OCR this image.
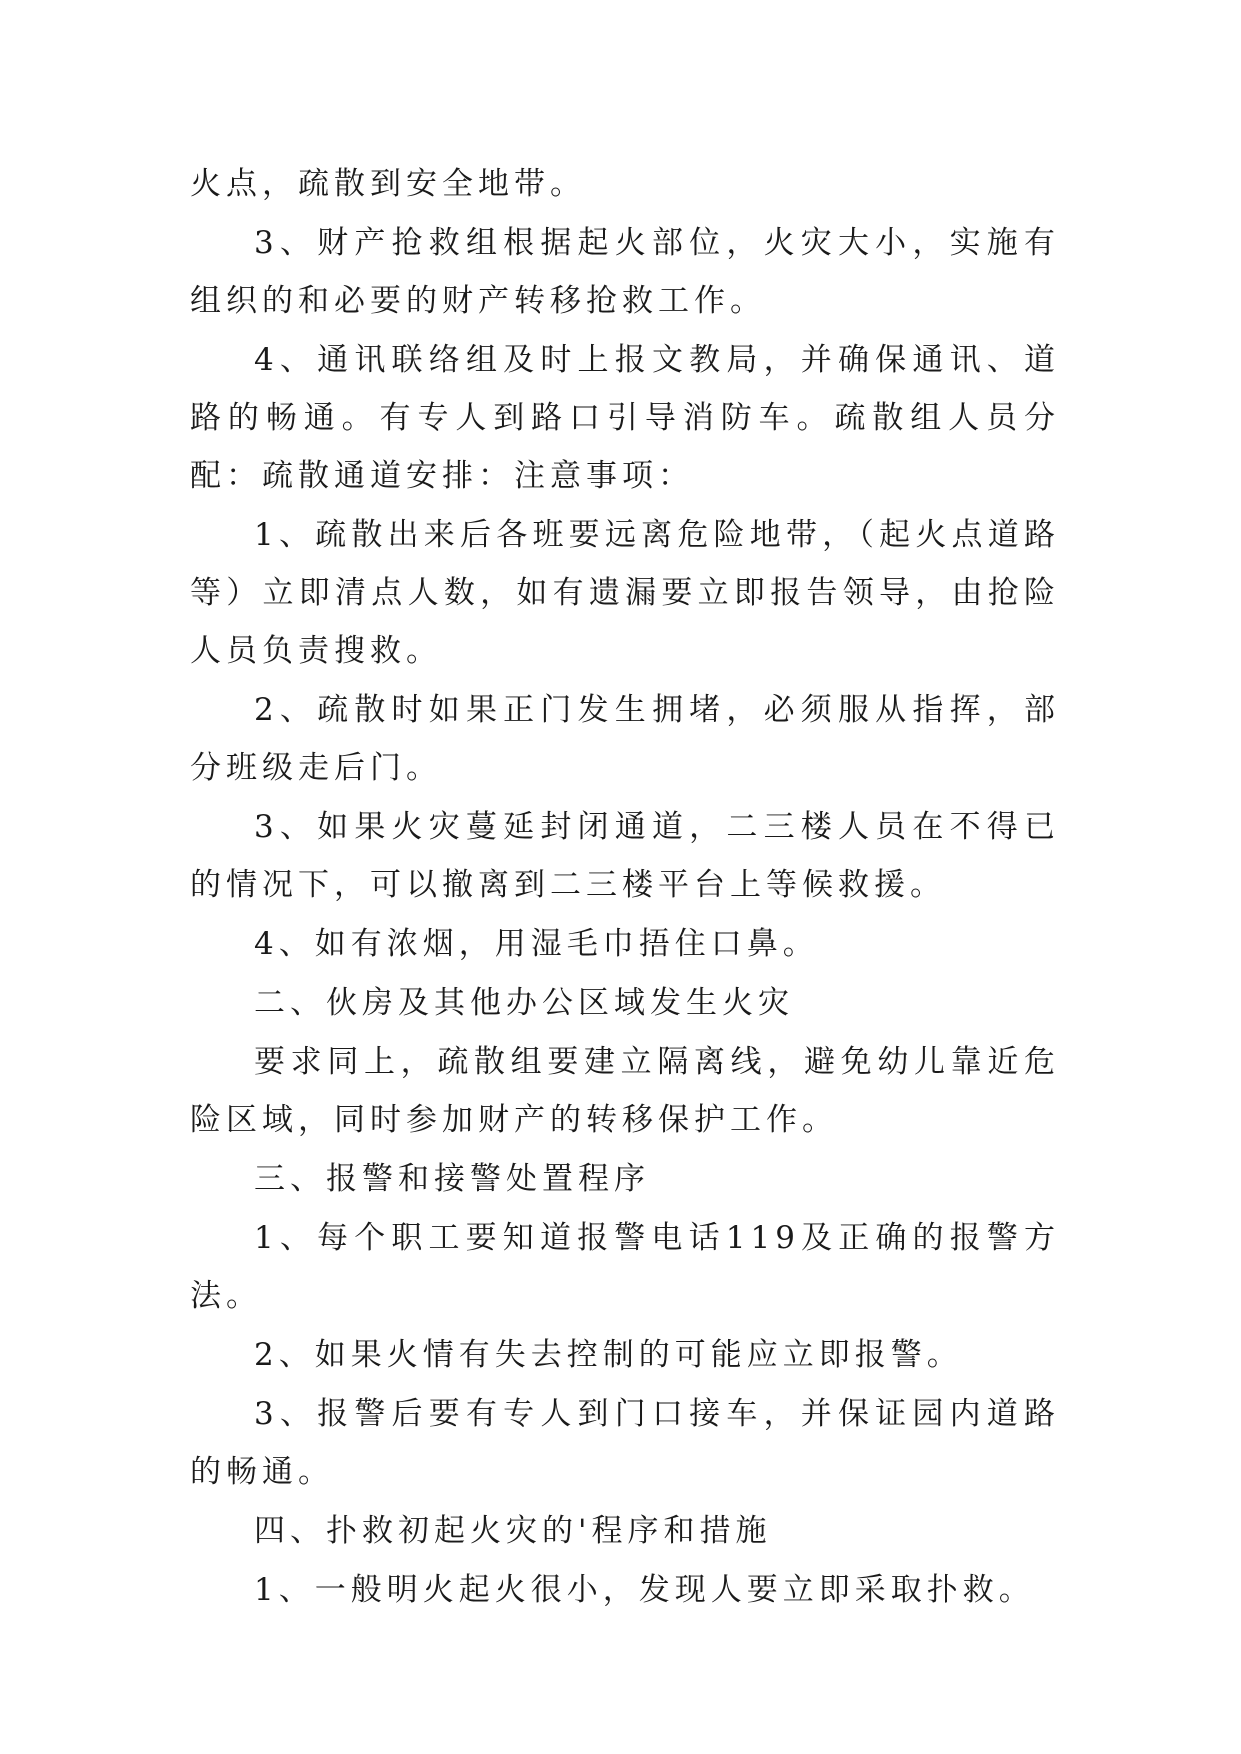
火点，疏散到安全地带。

3、财产抢救组根据起火部位，火灾大小，实施有组织的和必要的财产转移抢救工作。

4、通讯联络组及时上报文教局，并确保通讯、道路的畅通。有专人到路口引导消防车。疏散组人员分配：疏散通道安排：注意事项：

1、疏散出来后各班要远离危险地带，（起火点道路等）立即清点人数，如有遗漏要立即报告领导，由抢险人员负责搜救。

2、疏散时如果正门发生拥堵，必须服从指挥，部分班级走后门。

3、如果火灾蔓延封闭通道，二三楼人员在不得已的情况下，可以撤离到二三楼平台上等候救援。

4、如有浓烟，用湿毛巾捂住口鼻。

二、伙房及其他办公区域发生火灾

要求同上，疏散组要建立隔离线，避免幼儿靠近危险区域，同时参加财产的转移保护工作。

三、报警和接警处置程序

1、每个职工要知道报警电话119及正确的报警方法。

2、如果火情有失去控制的可能应立即报警。

3、报警后要有专人到门口接车，并保证园内道路的畅通。

四、扑救初起火灾的'程序和措施

1、一般明火起火很小，发现人要立即采取扑救。
